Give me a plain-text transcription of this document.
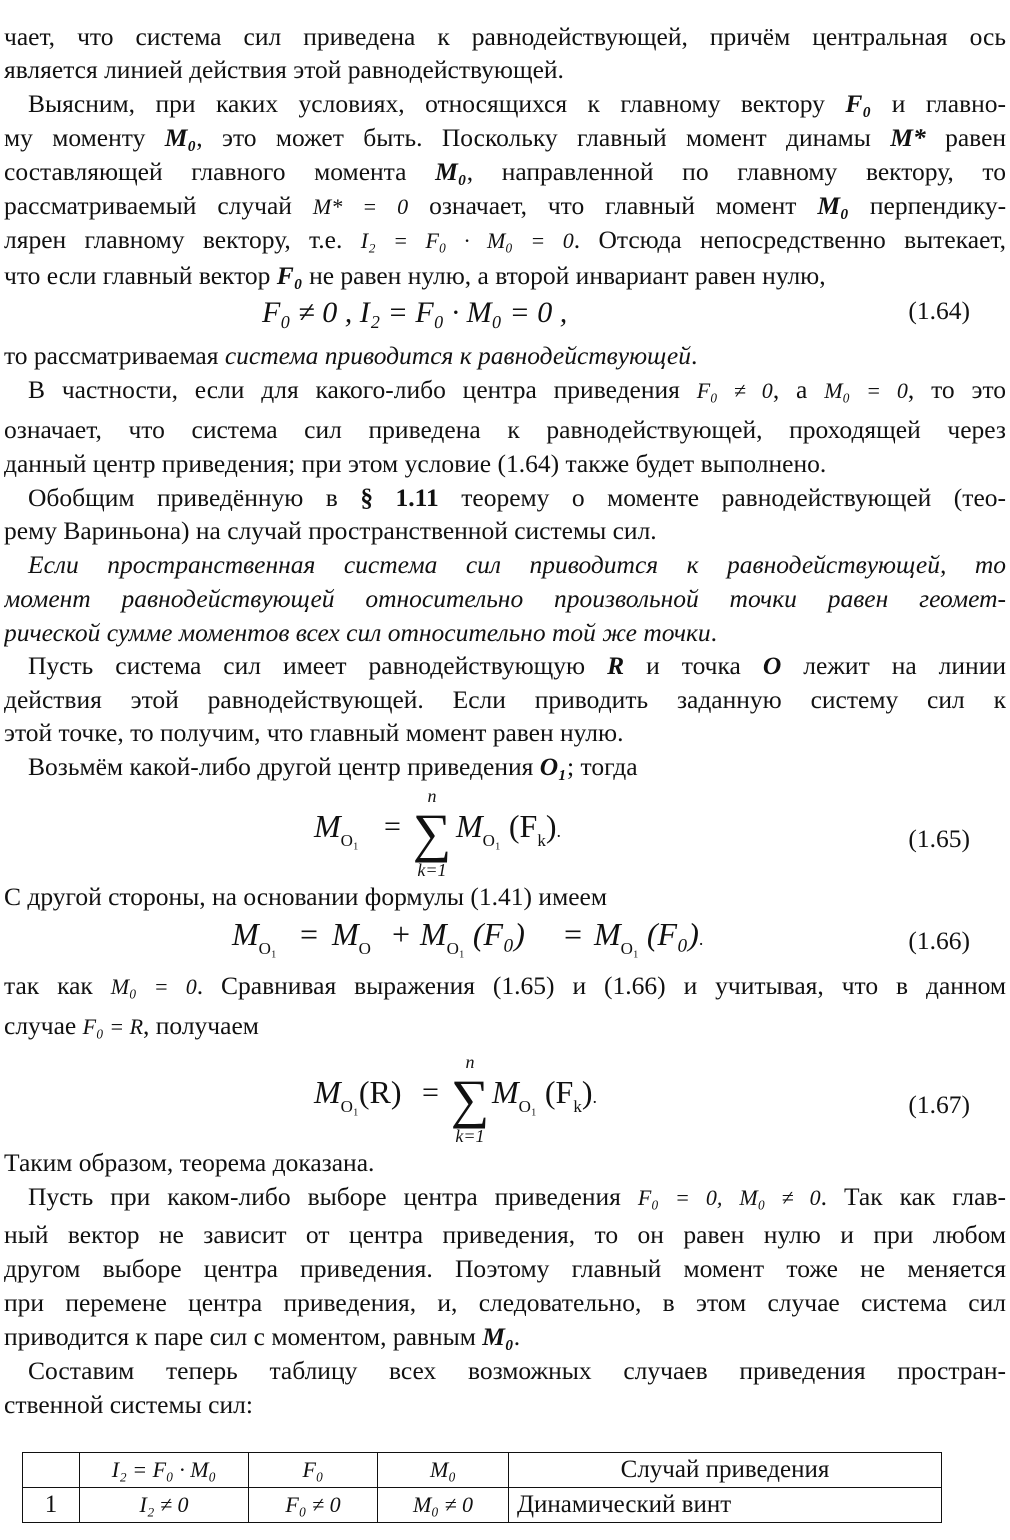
чает, что система сил приведена к равнодействующей, причём центральная ось
является линией действия этой равнодействующей.
Выясним, при каких условиях, относящихся к главному вектору F₀ и главно-
му моменту M₀, это может быть. Поскольку главный момент динамы M* равен
составляющей главного момента M₀, направленной по главному вектору, то
рассматриваемый случай M* = 0 означает, что главный момент M₀ перпендику-
лярен главному вектору, т.е. I₂ = F₀ · M₀ = 0. Отсюда непосредственно вытекает,
что если главный вектор F₀ не равен нулю, а второй инвариант равен нулю,
F₀ ≠ 0 , I₂ = F₀ · M₀ = 0 ,	(1.64)
то рассматриваемая система приводится к равнодействующей.
В частности, если для какого-либо центра приведения F₀ ≠ 0, а M₀ = 0, то это
означает, что система сил приведена к равнодействующей, проходящей через
данный центр приведения; при этом условие (1.64) также будет выполнено.
Обобщим приведённую в § 1.11 теорему о моменте равнодействующей (тео-
рему Вариньона) на случай пространственной системы сил.
Если пространственная система сил приводится к равнодействующей, то
момент равнодействующей относительно произвольной точки равен геомет-
рической сумме моментов всех сил относительно той же точки.
Пусть система сил имеет равнодействующую R и точка O лежит на линии
действия этой равнодействующей. Если приводить заданную систему сил к
этой точке, то получим, что главный момент равен нулю.
Возьмём какой-либо другой центр приведения O₁; тогда
$M_{O_1}$ =
n
∑
k=1
$M_{O_1}$ $(F_k)$.	(1.65)
С другой стороны, на основании формулы (1.41) имеем
$M_{O_1} = M_O + M_{O_1}$ $(F_0) = M_{O_1}$ (F₀).	(1.66)
так как M₀ = 0. Сравнивая выражения (1.65) и (1.66) и учитывая, что в данном
случае F₀ = R, получаем
$M_{O_1}(R)$ =
n
∑
k=1
$M_{O_1}$ $(F_k)$.	(1.67)
Таким образом, теорема доказана.
Пусть при каком-либо выборе центра приведения F₀ = 0, M₀ ≠ 0. Так как глав-
ный вектор не зависит от центра приведения, то он равен нулю и при любом
другом выборе центра приведения. Поэтому главный момент тоже не меняется
при перемене центра приведения, и, следовательно, в этом случае система сил
приводится к паре сил с моментом, равным M₀.
Составим теперь таблицу всех возможных случаев приведения простран-
ственной системы сил:
	I₂ = F₀ · M₀	F₀	M₀	Случай приведения
1	I₂ ≠ 0	F₀ ≠ 0	M₀ ≠ 0	Динамический винт
